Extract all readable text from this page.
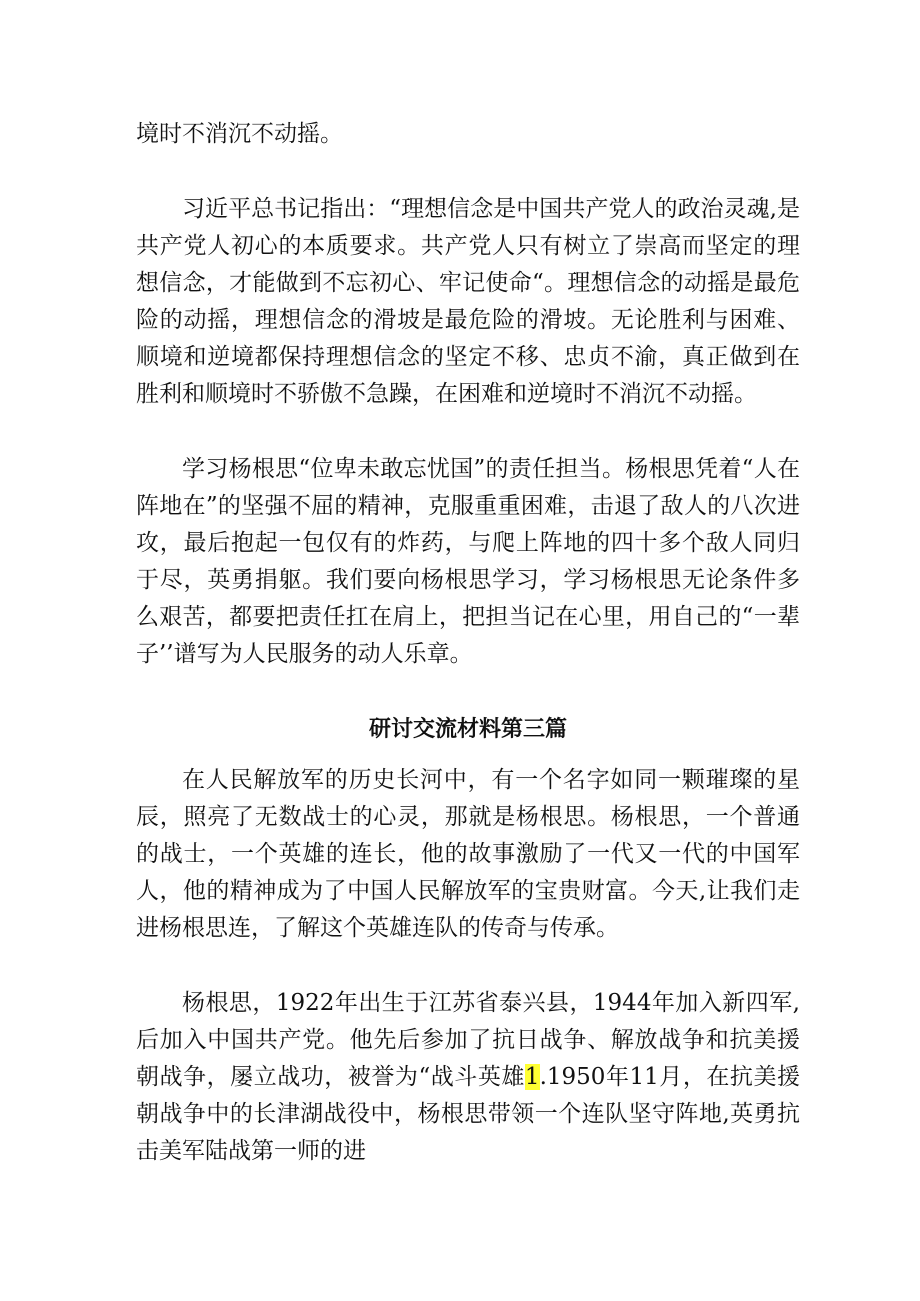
境时不消沉不动摇。

习近平总书记指出：“理想信念是中国共产党人的政治灵魂,是共产党人初心的本质要求。共产党人只有树立了崇高而坚定的理想信念，才能做到不忘初心、牢记使命“。理想信念的动摇是最危险的动摇，理想信念的滑坡是最危险的滑坡。无论胜利与困难、顺境和逆境都保持理想信念的坚定不移、忠贞不渝，真正做到在胜利和顺境时不骄傲不急躁，在困难和逆境时不消沉不动摇。

学习杨根思“位卑未敢忘忧国”的责任担当。杨根思凭着“人在阵地在”的坚强不屈的精神，克服重重困难，击退了敌人的八次进攻，最后抱起一包仅有的炸药，与爬上阵地的四十多个敌人同归于尽，英勇捐躯。我们要向杨根思学习，学习杨根思无论条件多么艰苦，都要把责任扛在肩上，把担当记在心里，用自己的“一辈子’’谱写为人民服务的动人乐章。

研讨交流材料第三篇

在人民解放军的历史长河中，有一个名字如同一颗璀璨的星辰，照亮了无数战士的心灵，那就是杨根思。杨根思，一个普通的战士，一个英雄的连长，他的故事激励了一代又一代的中国军人，他的精神成为了中国人民解放军的宝贵财富。今天,让我们走进杨根思连，了解这个英雄连队的传奇与传承。

杨根思，1922年出生于江苏省泰兴县，1944年加入新四军,后加入中国共产党。他先后参加了抗日战争、解放战争和抗美援朝战争，屡立战功，被誉为“战斗英雄1.1950年11月，在抗美援朝战争中的长津湖战役中，杨根思带领一个连队坚守阵地,英勇抗击美军陆战第一师的进
